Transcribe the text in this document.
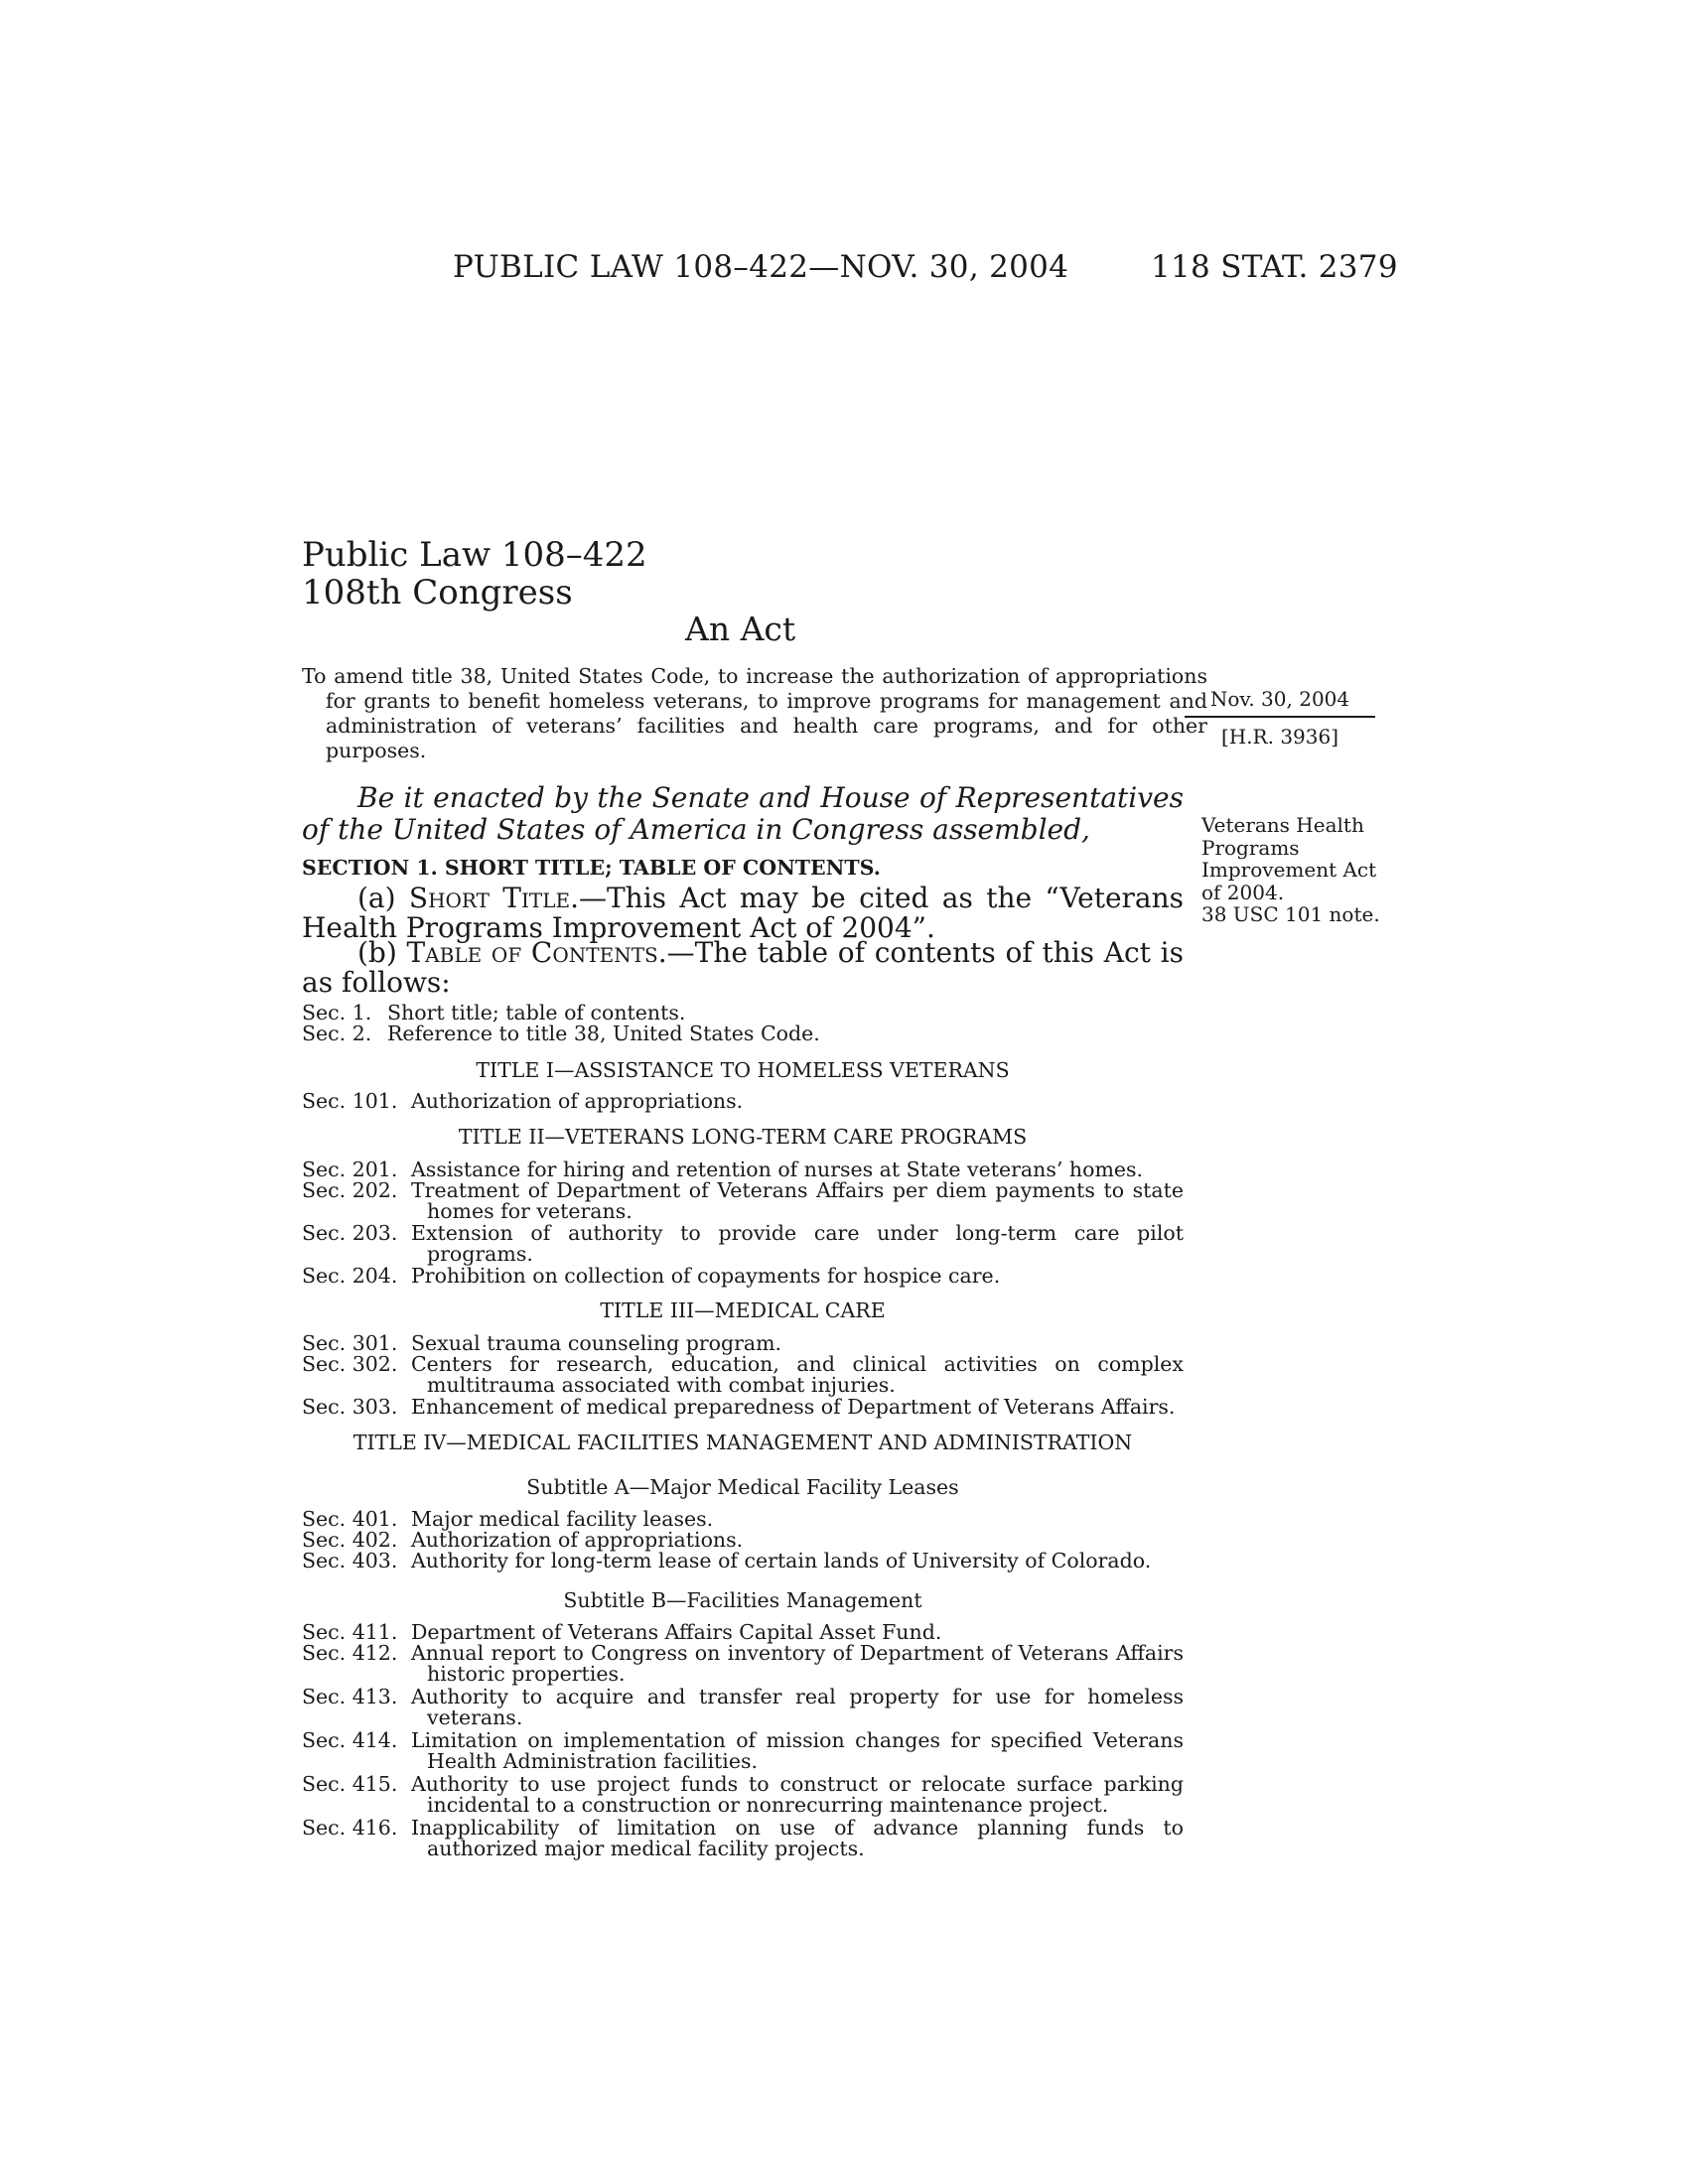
PUBLIC LAW 108–422—NOV. 30, 2004	118 STAT. 2379
Public Law 108–422
108th Congress
An Act
To amend title 38, United States Code, to increase the authorization of appropriations for grants to benefit homeless veterans, to improve programs for management and administration of veterans’ facilities and health care programs, and for other purposes.
Nov. 30, 2004
[H.R. 3936]
Veterans Health Programs Improvement Act of 2004.
38 USC 101 note.
Be it enacted by the Senate and House of Representatives of the United States of America in Congress assembled,
SECTION 1. SHORT TITLE; TABLE OF CONTENTS.
(a) Short Title.—This Act may be cited as the “Veterans Health Programs Improvement Act of 2004”.
(b) Table of Contents.—The table of contents of this Act is as follows:
Sec. 1. Short title; table of contents.
Sec. 2. Reference to title 38, United States Code.
TITLE I—ASSISTANCE TO HOMELESS VETERANS
Sec. 101. Authorization of appropriations.
TITLE II—VETERANS LONG-TERM CARE PROGRAMS
Sec. 201. Assistance for hiring and retention of nurses at State veterans’ homes.
Sec. 202. Treatment of Department of Veterans Affairs per diem payments to state homes for veterans.
Sec. 203. Extension of authority to provide care under long-term care pilot programs.
Sec. 204. Prohibition on collection of copayments for hospice care.
TITLE III—MEDICAL CARE
Sec. 301. Sexual trauma counseling program.
Sec. 302. Centers for research, education, and clinical activities on complex multitrauma associated with combat injuries.
Sec. 303. Enhancement of medical preparedness of Department of Veterans Affairs.
TITLE IV—MEDICAL FACILITIES MANAGEMENT AND ADMINISTRATION
Subtitle A—Major Medical Facility Leases
Sec. 401. Major medical facility leases.
Sec. 402. Authorization of appropriations.
Sec. 403. Authority for long-term lease of certain lands of University of Colorado.
Subtitle B—Facilities Management
Sec. 411. Department of Veterans Affairs Capital Asset Fund.
Sec. 412. Annual report to Congress on inventory of Department of Veterans Affairs historic properties.
Sec. 413. Authority to acquire and transfer real property for use for homeless veterans.
Sec. 414. Limitation on implementation of mission changes for specified Veterans Health Administration facilities.
Sec. 415. Authority to use project funds to construct or relocate surface parking incidental to a construction or nonrecurring maintenance project.
Sec. 416. Inapplicability of limitation on use of advance planning funds to authorized major medical facility projects.
